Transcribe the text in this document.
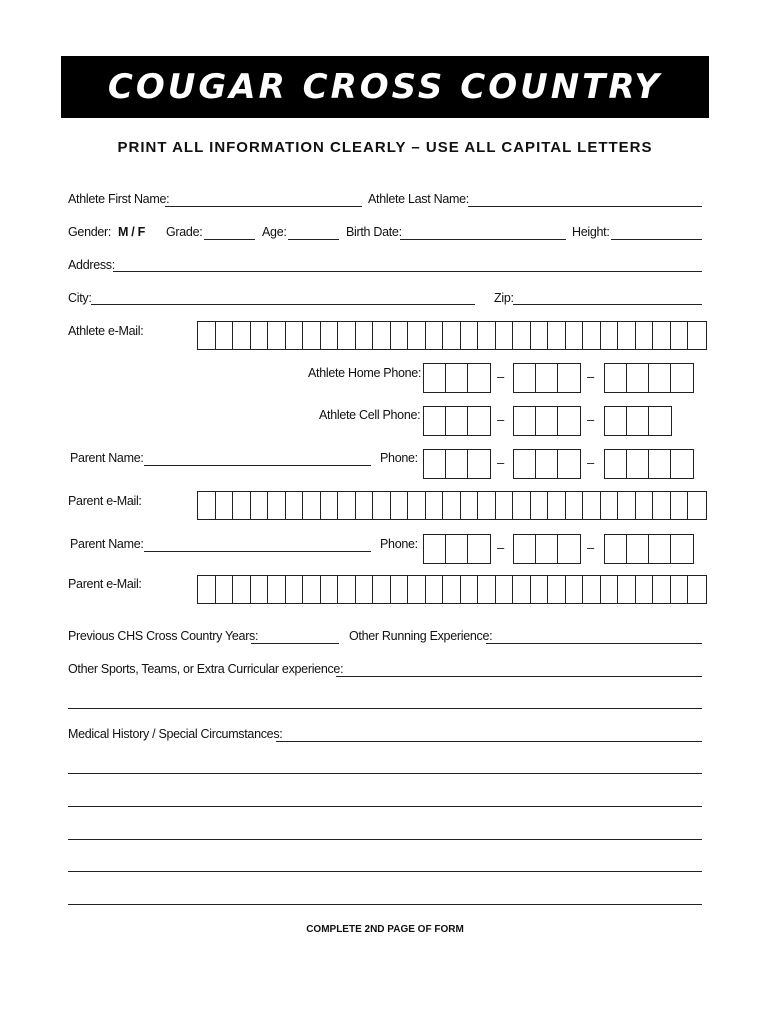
COUGAR CROSS COUNTRY
PRINT ALL INFORMATION CLEARLY – USE ALL CAPITAL LETTERS
Athlete First Name:	Athlete Last Name:
Gender: M / F Grade:	Age:	Birth Date:	Height:
Address:
City:	Zip:
Athlete e-Mail:
Athlete Home Phone:	–	–
Athlete Cell Phone:	–	–
Parent Name:	Phone:	–	–
Parent e-Mail:
Parent Name:	Phone:	–	–
Parent e-Mail:
Previous CHS Cross Country Years:	Other Running Experience:
Other Sports, Teams, or Extra Curricular experience:
Medical History / Special Circumstances:
COMPLETE 2ND PAGE OF FORM
